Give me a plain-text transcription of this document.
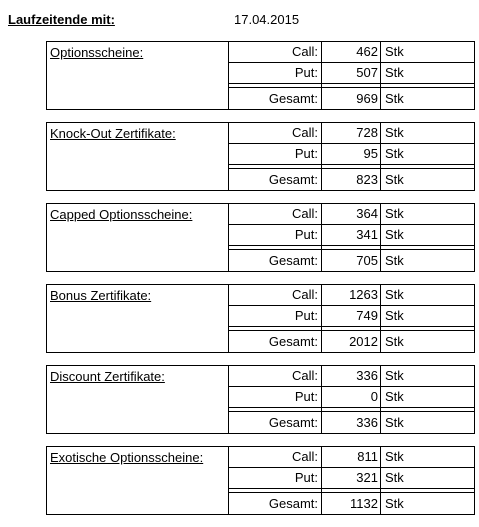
Laufzeitende mit:	17.04.2015
Optionsscheine:	Call:	462 Stk
Put:	507 Stk
Gesamt:	969 Stk
Knock-Out Zertifikate:	Call:	728 Stk
Put:	95 Stk
Gesamt:	823 Stk
Capped Optionsscheine:	Call:	364 Stk
Put:	341 Stk
Gesamt:	705 Stk
Bonus Zertifikate:	Call:	1263 Stk
Put:	749 Stk
Gesamt:	2012 Stk
Discount Zertifikate:	Call:	336 Stk
Put:	0 Stk
Gesamt:	336 Stk
Exotische Optionsscheine:	Call:	811 Stk
Put:	321 Stk
Gesamt:	1132 Stk
